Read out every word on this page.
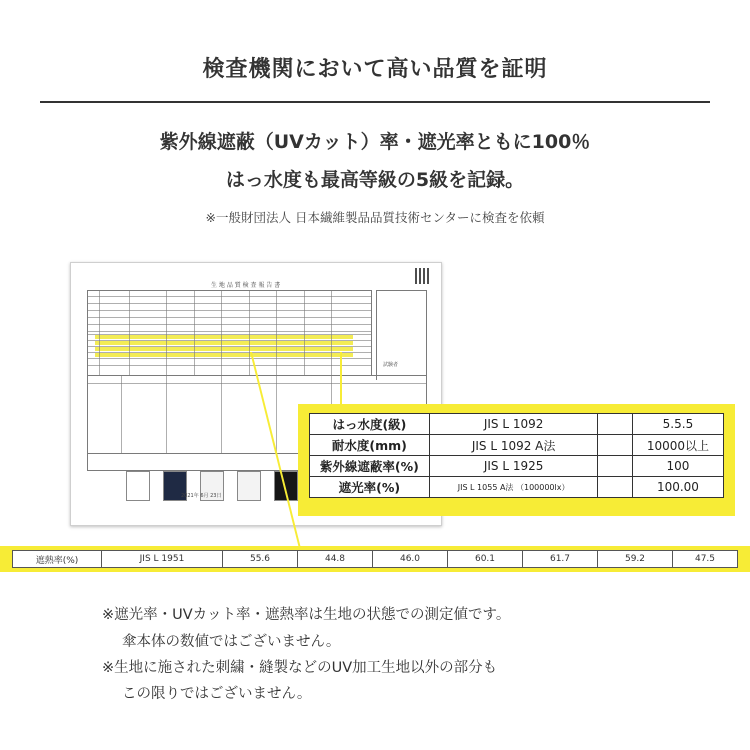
検査機関において高い品質を証明
紫外線遮蔽（UVカット）率・遮光率ともに100％
はっ水度も最高等級の5級を記録。
※一般財団法人 日本繊維製品品質技術センターに検査を依頼
生 地 品 質 検 査 報 告 書
2021年 6月 23日
試験者
はっ水度(級)	JIS L 1092		5.5.5
耐水度(mm)	JIS L 1092 A法		10000以上
紫外線遮蔽率(%)	JIS L 1925		100
遮光率(%)	JIS L 1055 A法 （100000lx）		100.00
遮熱率(%)	JIS L 1951	55.6	44.8	46.0	60.1	61.7	59.2	47.5
※遮光率・UVカット率・遮熱率は生地の状態での測定値です。
傘本体の数値ではございません。
※生地に施された刺繍・縫製などのUV加工生地以外の部分も
この限りではございません。
